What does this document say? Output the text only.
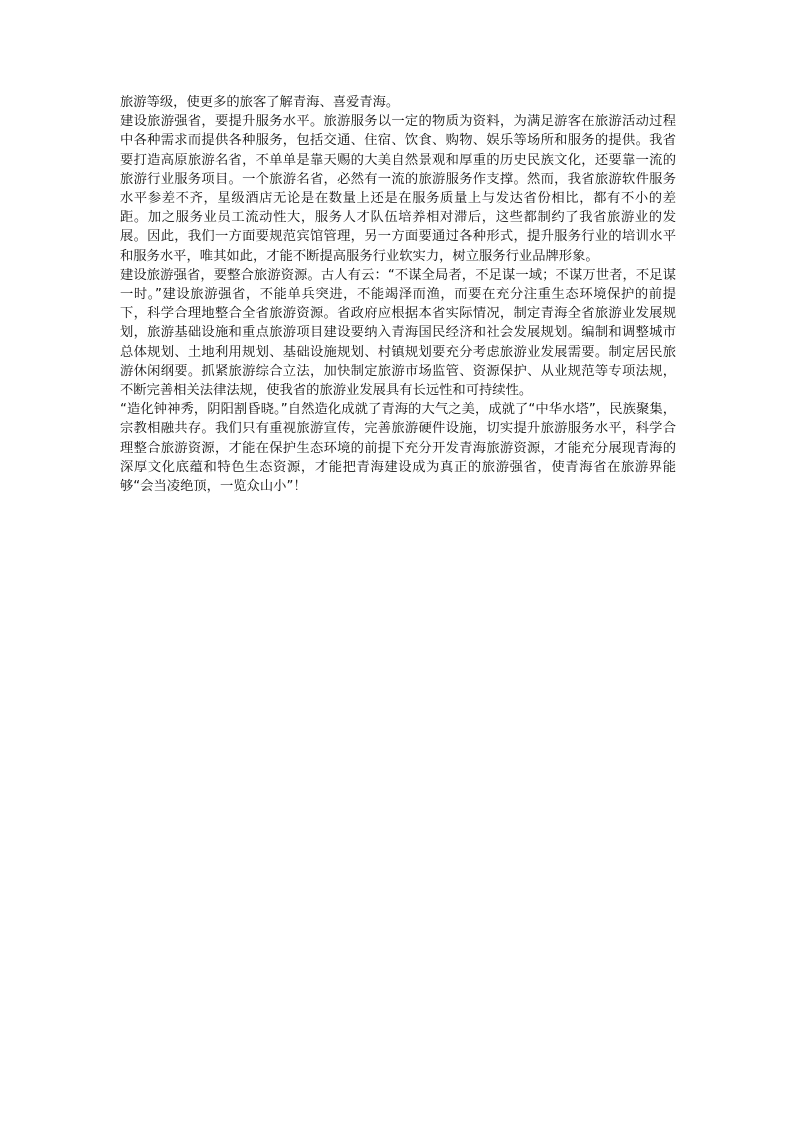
旅游等级，使更多的旅客了解青海、喜爱青海。

建设旅游强省，要提升服务水平。旅游服务以一定的物质为资料，为满足游客在旅游活动过程中各种需求而提供各种服务，包括交通、住宿、饮食、购物、娱乐等场所和服务的提供。我省要打造高原旅游名省，不单单是靠天赐的大美自然景观和厚重的历史民族文化，还要靠一流的旅游行业服务项目。一个旅游名省，必然有一流的旅游服务作支撑。然而，我省旅游软件服务水平参差不齐，星级酒店无论是在数量上还是在服务质量上与发达省份相比，都有不小的差距。加之服务业员工流动性大，服务人才队伍培养相对滞后，这些都制约了我省旅游业的发展。因此，我们一方面要规范宾馆管理，另一方面要通过各种形式，提升服务行业的培训水平和服务水平，唯其如此，才能不断提高服务行业软实力，树立服务行业品牌形象。

建设旅游强省，要整合旅游资源。古人有云：“不谋全局者，不足谋一域；不谋万世者，不足谋一时。”建设旅游强省，不能单兵突进，不能竭泽而渔，而要在充分注重生态环境保护的前提下，科学合理地整合全省旅游资源。省政府应根据本省实际情况，制定青海全省旅游业发展规划，旅游基础设施和重点旅游项目建设要纳入青海国民经济和社会发展规划。编制和调整城市总体规划、土地利用规划、基础设施规划、村镇规划要充分考虑旅游业发展需要。制定居民旅游休闲纲要。抓紧旅游综合立法，加快制定旅游市场监管、资源保护、从业规范等专项法规，不断完善相关法律法规，使我省的旅游业发展具有长远性和可持续性。

“造化钟神秀，阴阳割昏晓。”自然造化成就了青海的大气之美，成就了“中华水塔”，民族聚集，宗教相融共存。我们只有重视旅游宣传，完善旅游硬件设施，切实提升旅游服务水平，科学合理整合旅游资源，才能在保护生态环境的前提下充分开发青海旅游资源，才能充分展现青海的深厚文化底蕴和特色生态资源，才能把青海建设成为真正的旅游强省，使青海省在旅游界能够“会当凌绝顶，一览众山小”！
